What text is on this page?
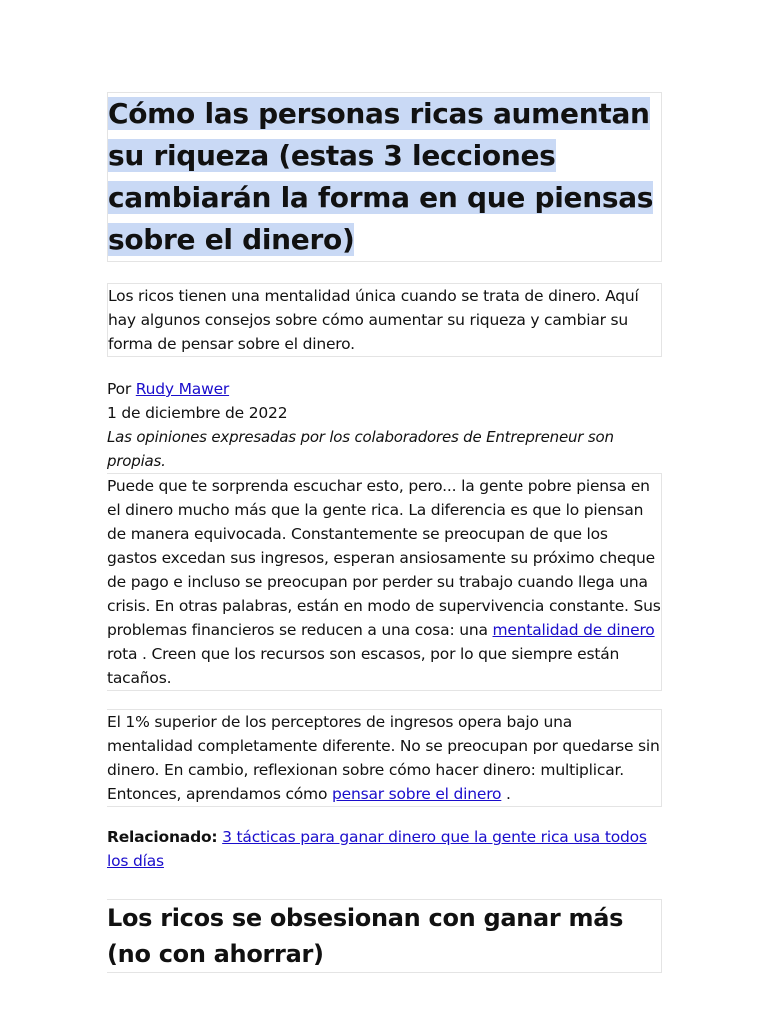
Cómo las personas ricas aumentan su riqueza (estas 3 lecciones cambiarán la forma en que piensas sobre el dinero)
Los ricos tienen una mentalidad única cuando se trata de dinero. Aquí hay algunos consejos sobre cómo aumentar su riqueza y cambiar su forma de pensar sobre el dinero.
Por Rudy Mawer
1 de diciembre de 2022
Las opiniones expresadas por los colaboradores de Entrepreneur son propias.
Puede que te sorprenda escuchar esto, pero... la gente pobre piensa en el dinero mucho más que la gente rica. La diferencia es que lo piensan de manera equivocada. Constantemente se preocupan de que los gastos excedan sus ingresos, esperan ansiosamente su próximo cheque de pago e incluso se preocupan por perder su trabajo cuando llega una crisis. En otras palabras, están en modo de supervivencia constante. Sus problemas financieros se reducen a una cosa: una mentalidad de dinero rota . Creen que los recursos son escasos, por lo que siempre están tacaños.
El 1% superior de los perceptores de ingresos opera bajo una mentalidad completamente diferente. No se preocupan por quedarse sin dinero. En cambio, reflexionan sobre cómo hacer dinero: multiplicar. Entonces, aprendamos cómo pensar sobre el dinero .
Relacionado: 3 tácticas para ganar dinero que la gente rica usa todos los días
Los ricos se obsesionan con ganar más (no con ahorrar)
